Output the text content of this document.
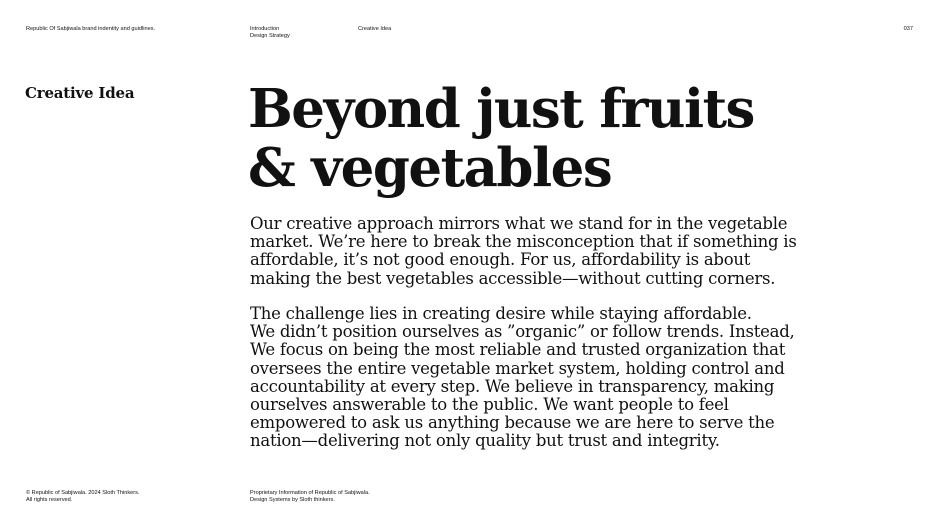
Republic Of Sabjiwala brand indentity and guidlines.	Introduction
Design Strategy
Creative Idea	037
Creative Idea Beyond just fruits
& vegetables

Our creative approach mirrors what we stand for in the vegetable
market. We’re here to break the misconception that if something is
affordable, it’s not good enough. For us, affordability is about
making the best vegetables accessible—without cutting corners.

The challenge lies in creating desire while staying affordable.
We didn’t position ourselves as ”organic” or follow trends. Instead,
We focus on being the most reliable and trusted organization that
oversees the entire vegetable market system, holding control and
accountability at every step. We believe in transparency, making
ourselves answerable to the public. We want people to feel
empowered to ask us anything because we are here to serve the
nation—delivering not only quality but trust and integrity.

© Republic of Sabjiwala. 2024 Sloth Thinkers.
All rights reserved.
Proprietary Information of Republic of Sabjiwala.
Design Systems by Sloth thinkers.
